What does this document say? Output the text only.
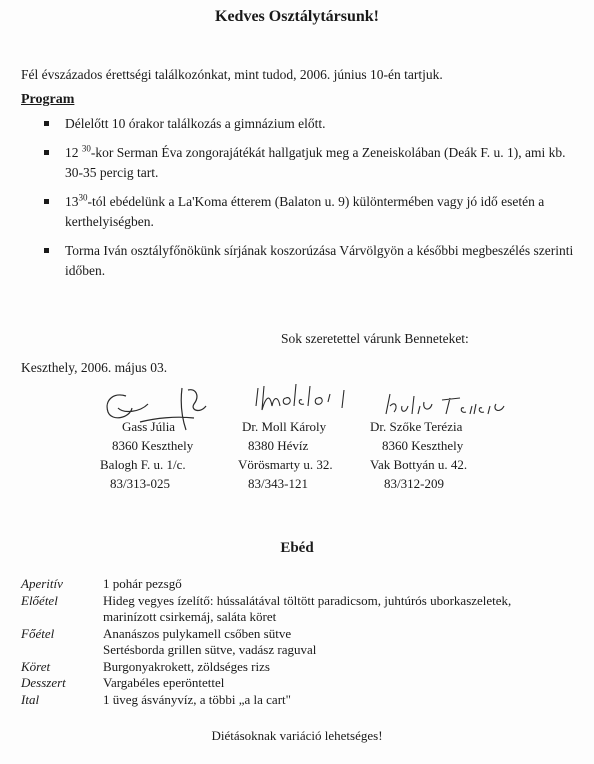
Kedves Osztálytársunk!
Fél évszázados érettségi találkozónkat, mint tudod, 2006. június 10-én tartjuk.
Program
Délelőtt 10 órakor találkozás a gimnázium előtt.
12 $^{30}$-kor Serman Éva zongorajátékát hallgatjuk meg a Zeneiskolában (Deák F. u. 1), ami kb. 30-35 percig tart.
$13^{30}$-tól ebédelünk a La'Koma étterem (Balaton u. 9) különtermében vagy jó idő esetén a kerthelyiségben.
Torma Iván osztályfőnökünk sírjának koszorúzása Várvölgyön a későbbi megbeszélés szerinti időben.
Sok szeretettel várunk Benneteket:
Keszthely, 2006. május 03.
Gass Júlia
8360 Keszthely
Balogh F. u. 1/c.
83/313-025
Dr. Moll Károly
8380 Hévíz
Vörösmarty u. 32.
83/343-121
Dr. Szőke Terézia
8360 Keszthely
Vak Bottyán u. 42.
83/312-209
Ebéd
Aperitív	1 pohár pezsgő
Előétel	Hideg vegyes ízelítő: hússalátával töltött paradicsom, juhtúrós uborkaszeletek,
marinízott csirkemáj, saláta köret
Főétel	Ananászos pulykamell csőben sütve
Sertésborda grillen sütve, vadász raguval
Köret	Burgonyakrokett, zöldséges rizs
Desszert	Vargabéles eperöntettel
Ital	1 üveg ásványvíz, a többi „a la cart"
Diétásoknak variáció lehetséges!
